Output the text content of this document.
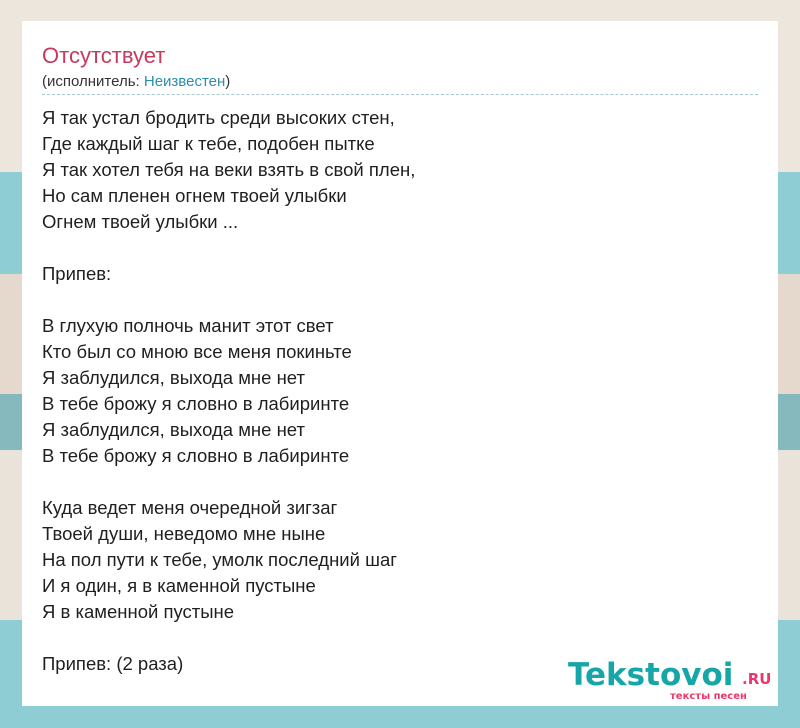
Отсутствует
(исполнитель: Неизвестен)
Я так устал бродить среди высоких стен,
Где каждый шаг к тебе, подобен пытке
Я так хотел тебя на веки взять в свой плен,
Но сам пленен огнем твоей улыбки
Огнем твоей улыбки ...
Припев:
В глухую полночь манит этот свет
Кто был со мною все меня покиньте
Я заблудился, выхода мне нет
В тебе брожу я словно в лабиринте
Я заблудился, выхода мне нет
В тебе брожу я словно в лабиринте
Куда ведет меня очередной зигзаг
Твоей души, неведомо мне ныне
На пол пути к тебе, умолк последний шаг
И я один, я в каменной пустыне
Я в каменной пустыне
Припев: (2 раза)	Tekstovoi .RU
тексты песен
